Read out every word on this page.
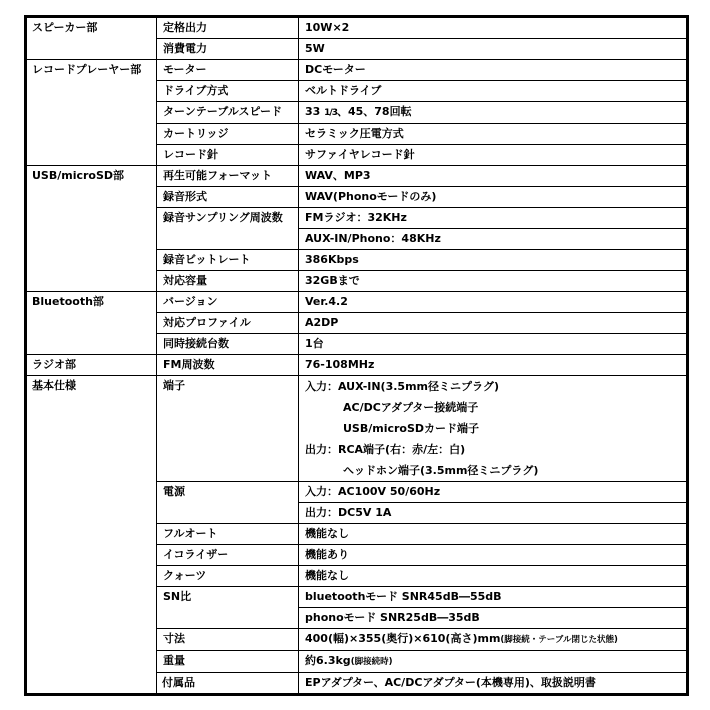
スピーカー部	定格出力	10W×2
	消費電力	5W
レコードプレーヤー部	モーター	DCモーター
	ドライブ方式	ベルトドライブ
	ターンテーブルスピード	33 1/3、45、78回転
	カートリッジ	セラミック圧電方式
	レコード針	サファイヤレコード針
USB/microSD部	再生可能フォーマット	WAV、MP3
	録音形式	WAV(Phonoモードのみ)
	録音サンプリング周波数	FMラジオ：32KHz
		AUX-IN/Phono：48KHz
	録音ビットレート	386Kbps
	対応容量	32GBまで
Bluetooth部	バージョン	Ver.4.2
	対応プロファイル	A2DP
	同時接続台数	1台
ラジオ部	FM周波数	76-108MHz
基本仕様	端子	入力：AUX-IN(3.5mm径ミニプラグ)
AC/DCアダプター接続端子
USB/microSDカード端子
出力：RCA端子(右：赤/左：白)
ヘッドホン端子(3.5mm径ミニプラグ)

	電源	入力：AC100V 50/60Hz
		出力：DC5V 1A
	フルオート	機能なし
	イコライザー	機能あり
	クォーツ	機能なし
	SN比	bluetoothモード SNR45dB―55dB
		phonoモード SNR25dB―35dB
	寸法	400(幅)×355(奥行)×610(高さ)mm(脚接続・テーブル閉じた状態)
	重量	約6.3kg(脚接続時)
	付属品	EPアダプター、AC/DCアダプター(本機専用)、取扱説明書
